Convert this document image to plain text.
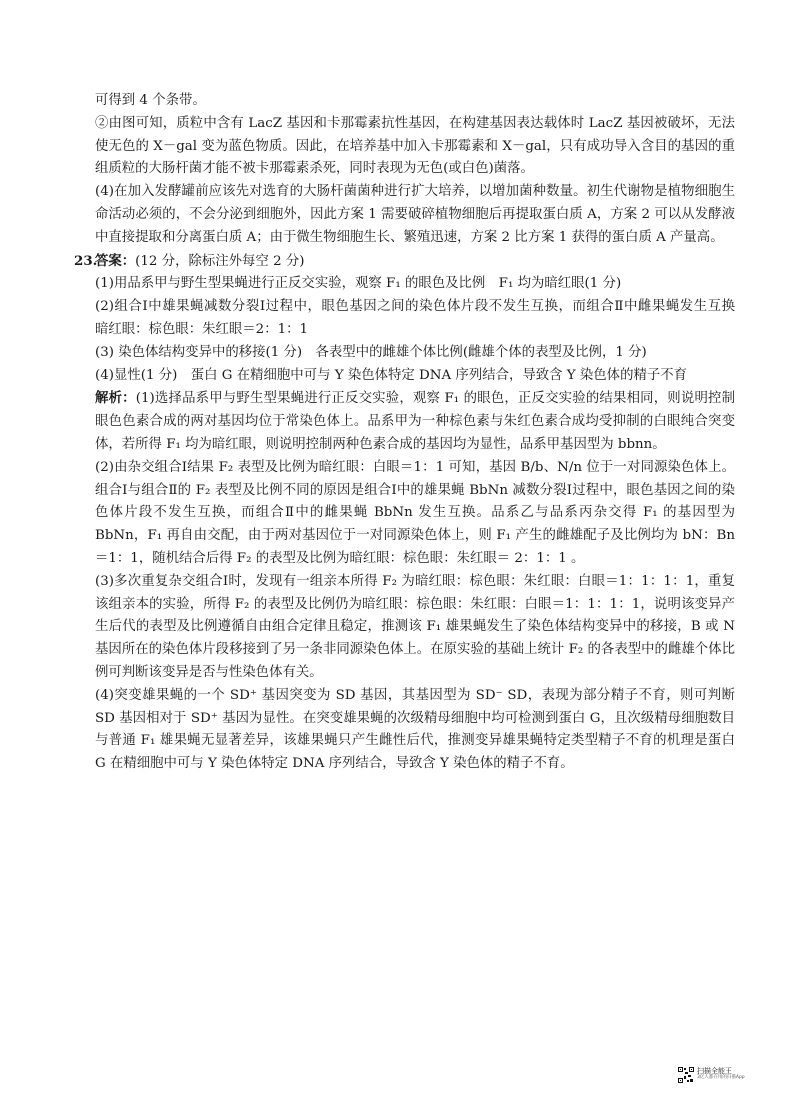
可得到 4 个条带。

②由图可知，质粒中含有 LacZ 基因和卡那霉素抗性基因，在构建基因表达载体时 LacZ 基因被破坏，无法使无色的 X－gal 变为蓝色物质。因此，在培养基中加入卡那霉素和 X－gal，只有成功导入含目的基因的重组质粒的大肠杆菌才能不被卡那霉素杀死，同时表现为无色(或白色)菌落。

(4)在加入发酵罐前应该先对选育的大肠杆菌菌种进行扩大培养，以增加菌种数量。初生代谢物是植物细胞生命活动必须的，不会分泌到细胞外，因此方案 1 需要破碎植物细胞后再提取蛋白质 A，方案 2 可以从发酵液中直接提取和分离蛋白质 A；由于微生物细胞生长、繁殖迅速，方案 2 比方案 1 获得的蛋白质 A 产量高。

23.
答案：(12 分，除标注外每空 2 分)

(1)用品系甲与野生型果蝇进行正反交实验，观察 F₁ 的眼色及比例　F₁ 均为暗红眼(1 分)

(2)组合Ⅰ中雄果蝇减数分裂Ⅰ过程中，眼色基因之间的染色体片段不发生互换，而组合Ⅱ中雌果蝇发生互换　暗红眼：棕色眼：朱红眼＝2：1：1

(3) 染色体结构变异中的移接(1 分)　各表型中的雌雄个体比例(雌雄个体的表型及比例，1 分)

(4)显性(1 分)　蛋白 G 在精细胞中可与 Y 染色体特定 DNA 序列结合，导致含 Y 染色体的精子不育

解析：(1)选择品系甲与野生型果蝇进行正反交实验，观察 F₁ 的眼色，正反交实验的结果相同，则说明控制眼色色素合成的两对基因均位于常染色体上。品系甲为一种棕色素与朱红色素合成均受抑制的白眼纯合突变体，若所得 F₁ 均为暗红眼，则说明控制两种色素合成的基因均为显性，品系甲基因型为 bbnn。

(2)由杂交组合Ⅰ结果 F₂ 表型及比例为暗红眼：白眼＝1：1 可知，基因 B/b、N/n 位于一对同源染色体上。组合Ⅰ与组合Ⅱ的 F₂ 表型及比例不同的原因是组合Ⅰ中的雄果蝇 BbNn 减数分裂Ⅰ过程中，眼色基因之间的染色体片段不发生互换，而组合Ⅱ中的雌果蝇 BbNn 发生互换。品系乙与品系丙杂交得 F₁ 的基因型为 BbNn，F₁ 再自由交配，由于两对基因位于一对同源染色体上，则 F₁ 产生的雌雄配子及比例均为 bN：Bn＝1：1，随机结合后得 F₂ 的表型及比例为暗红眼：棕色眼：朱红眼＝ 2：1：1 。

(3)多次重复杂交组合Ⅰ时，发现有一组亲本所得 F₂ 为暗红眼：棕色眼：朱红眼：白眼＝1：1：1：1，重复该组亲本的实验，所得 F₂ 的表型及比例仍为暗红眼：棕色眼：朱红眼：白眼＝1：1：1：1，说明该变异产生后代的表型及比例遵循自由组合定律且稳定，推测该 F₁ 雄果蝇发生了染色体结构变异中的移接，B 或 N 基因所在的染色体片段移接到了另一条非同源染色体上。在原实验的基础上统计 F₂ 的各表型中的雌雄个体比例可判断该变异是否与性染色体有关。

(4)突变雄果蝇的一个 SD⁺ 基因突变为 SD 基因，其基因型为 SD⁻ SD，表现为部分精子不育，则可判断 SD 基因相对于 SD⁺ 基因为显性。在突变雄果蝇的次级精母细胞中均可检测到蛋白 G，且次级精母细胞数目与普通 F₁ 雄果蝇无显著差异，该雄果蝇只产生雌性后代，推测变异雄果蝇特定类型精子不育的机理是蛋白 G 在精细胞中可与 Y 染色体特定 DNA 序列结合，导致含 Y 染色体的精子不育。

扫描全能王
3亿人都在用的扫描App
